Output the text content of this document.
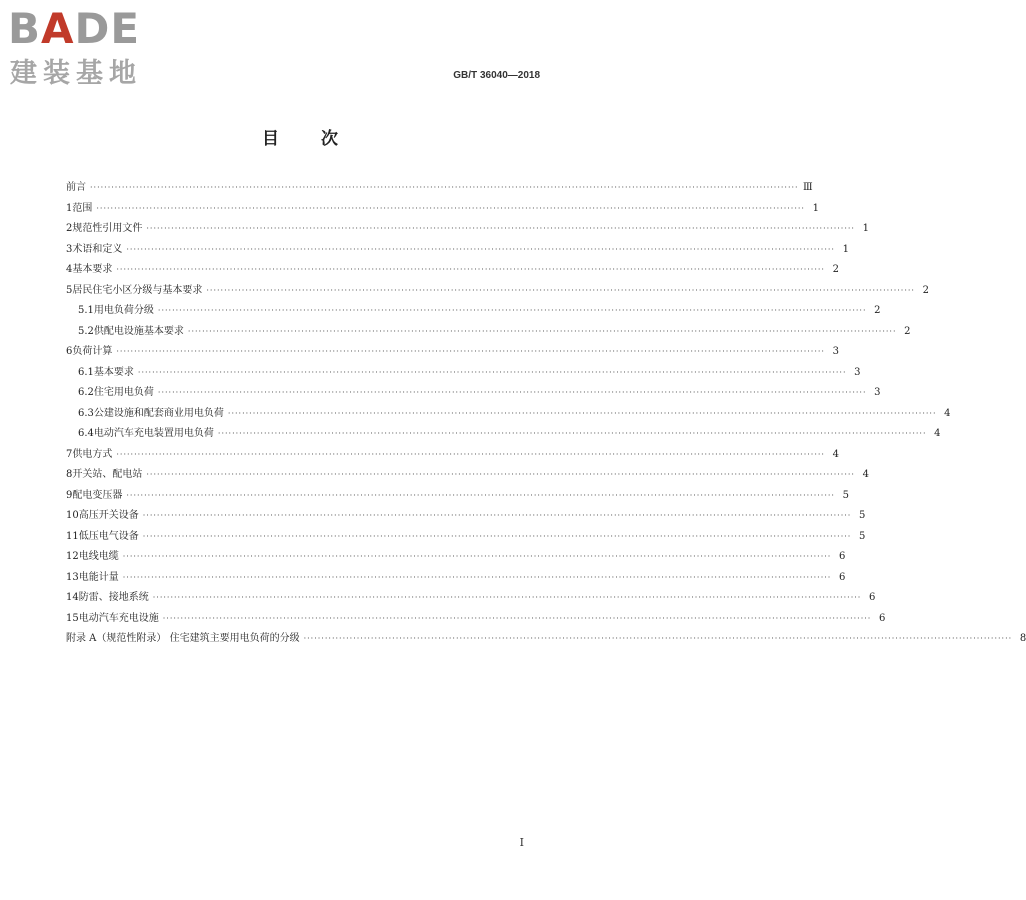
BADE
建装基地	GB/T 36040—2018
目 次
前言 ········································································································································································································ Ⅲ
1 范围 ········································································································································································································ 1
2 规范性引用文件 ········································································································································································································ 1
3 术语和定义 ········································································································································································································ 1
4 基本要求 ········································································································································································································ 2
5 居民住宅小区分级与基本要求 ········································································································································································································ 2
5.1 用电负荷分级 ········································································································································································································ 2
5.2 供配电设施基本要求 ········································································································································································································ 2
6 负荷计算 ········································································································································································································ 3
6.1 基本要求 ········································································································································································································ 3
6.2 住宅用电负荷 ········································································································································································································ 3
6.3 公建设施和配套商业用电负荷 ········································································································································································································ 4
6.4 电动汽车充电装置用电负荷 ········································································································································································································ 4
7 供电方式 ········································································································································································································ 4
8 开关站、配电站 ········································································································································································································ 4
9 配电变压器 ········································································································································································································ 5
10 高压开关设备 ········································································································································································································ 5
11 低压电气设备 ········································································································································································································ 5
12 电线电缆 ········································································································································································································ 6
13 电能计量 ········································································································································································································ 6
14 防雷、接地系统 ········································································································································································································ 6
15 电动汽车充电设施 ········································································································································································································ 6
附录 A（规范性附录） 住宅建筑主要用电负荷的分级 ········································································································································································································ 8
Ⅰ
